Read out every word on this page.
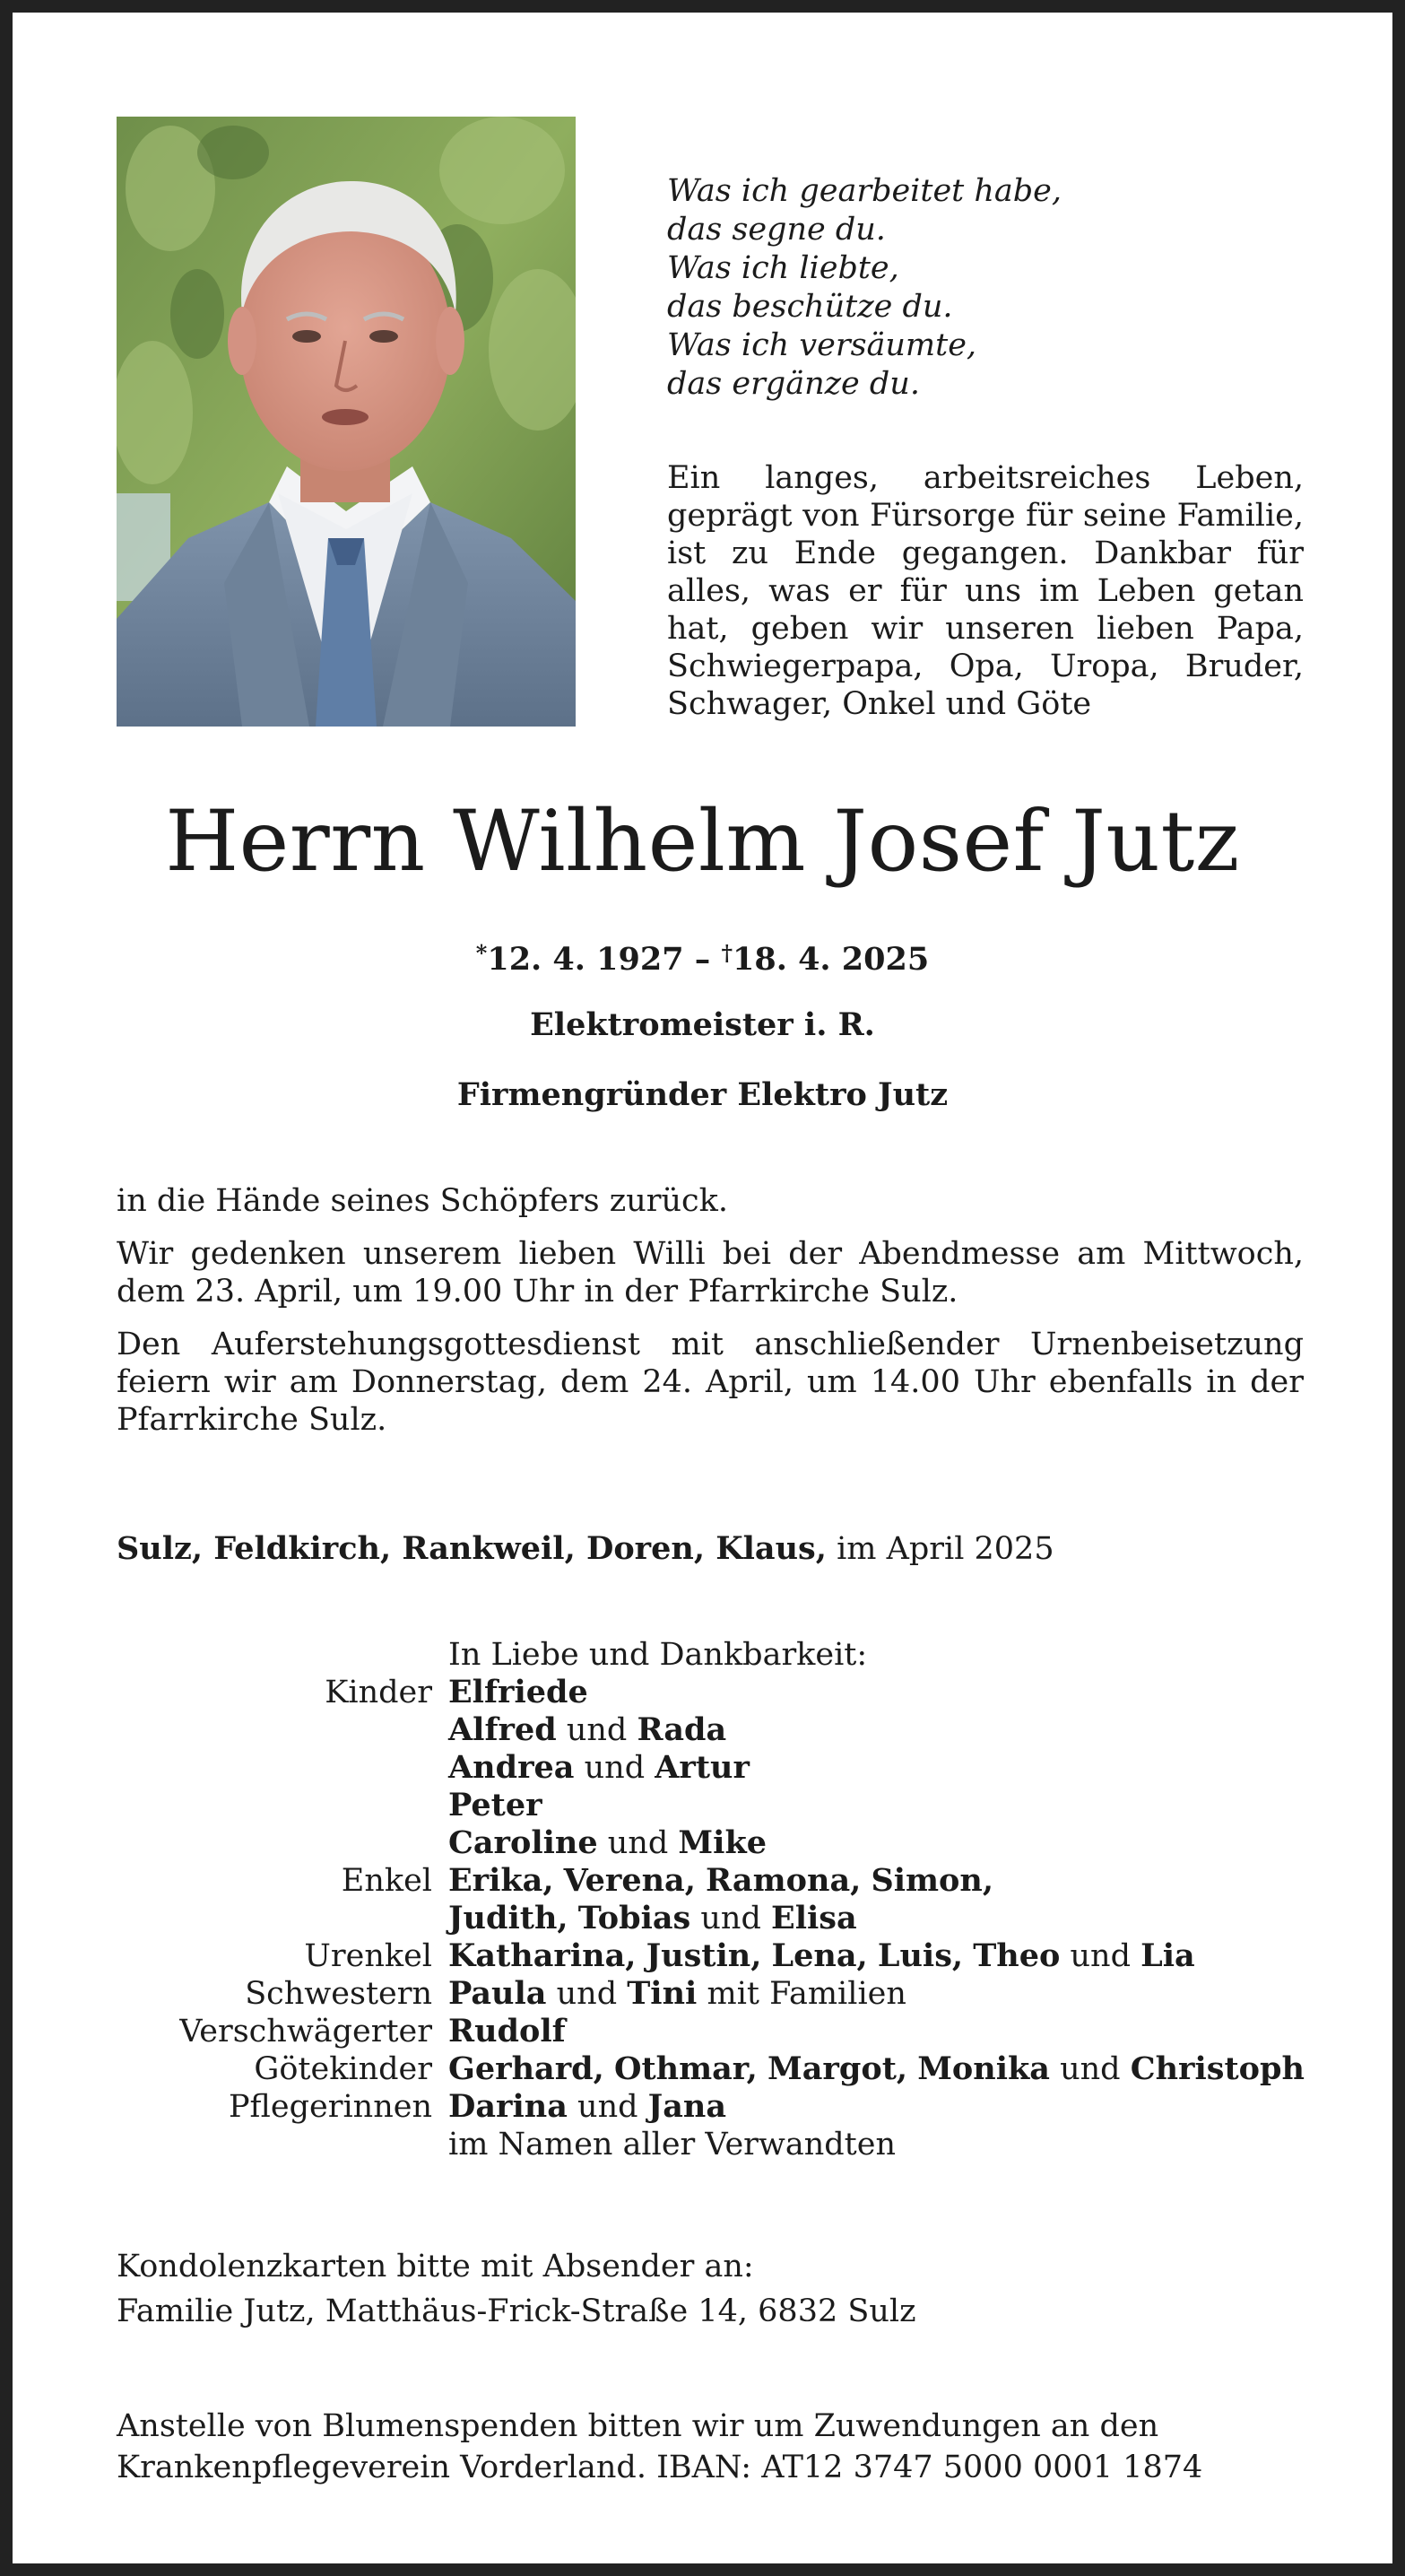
Was ich gearbeitet habe,
das segne du.
Was ich liebte,
das beschütze du.
Was ich versäumte,
das ergänze du.
Ein langes, arbeitsreiches Leben, geprägt von Fürsorge für seine Familie, ist zu Ende gegangen. Dankbar für alles, was er für uns im Leben getan hat, geben wir unseren lieben Papa, Schwiegerpapa, Opa, Uropa, Bruder, Schwager, Onkel und Göte
Herrn Wilhelm Josef Jutz
*12. 4. 1927 – †18. 4. 2025
Elektromeister i. R.
Firmengründer Elektro Jutz

in die Hände seines Schöpfers zurück.

Wir gedenken unserem lieben Willi bei der Abendmesse am Mittwoch, dem 23. April, um 19.00 Uhr in der Pfarrkirche Sulz.

Den Auferstehungsgottesdienst mit anschließender Urnenbeisetzung feiern wir am Donnerstag, dem 24. April, um 14.00 Uhr ebenfalls in der Pfarrkirche Sulz.

Sulz, Feldkirch, Rankweil, Doren, Klaus, im April 2025
In Liebe und Dankbarkeit:
Kinder Elfriede
Alfred und Rada
Andrea und Artur
Peter
Caroline und Mike
Enkel Erika, Verena, Ramona, Simon,
Judith, Tobias und Elisa
Urenkel Katharina, Justin, Lena, Luis, Theo und Lia
Schwestern Paula und Tini mit Familien
Verschwägerter Rudolf
Götekinder Gerhard, Othmar, Margot, Monika und Christoph
Pflegerinnen Darina und Jana
im Namen aller Verwandten
Kondolenzkarten bitte mit Absender an:
Familie Jutz, Matthäus-Frick-Straße 14, 6832 Sulz
Anstelle von Blumenspenden bitten wir um Zuwendungen an den
Krankenpflegeverein Vorderland. IBAN: AT12 3747 5000 0001 1874
